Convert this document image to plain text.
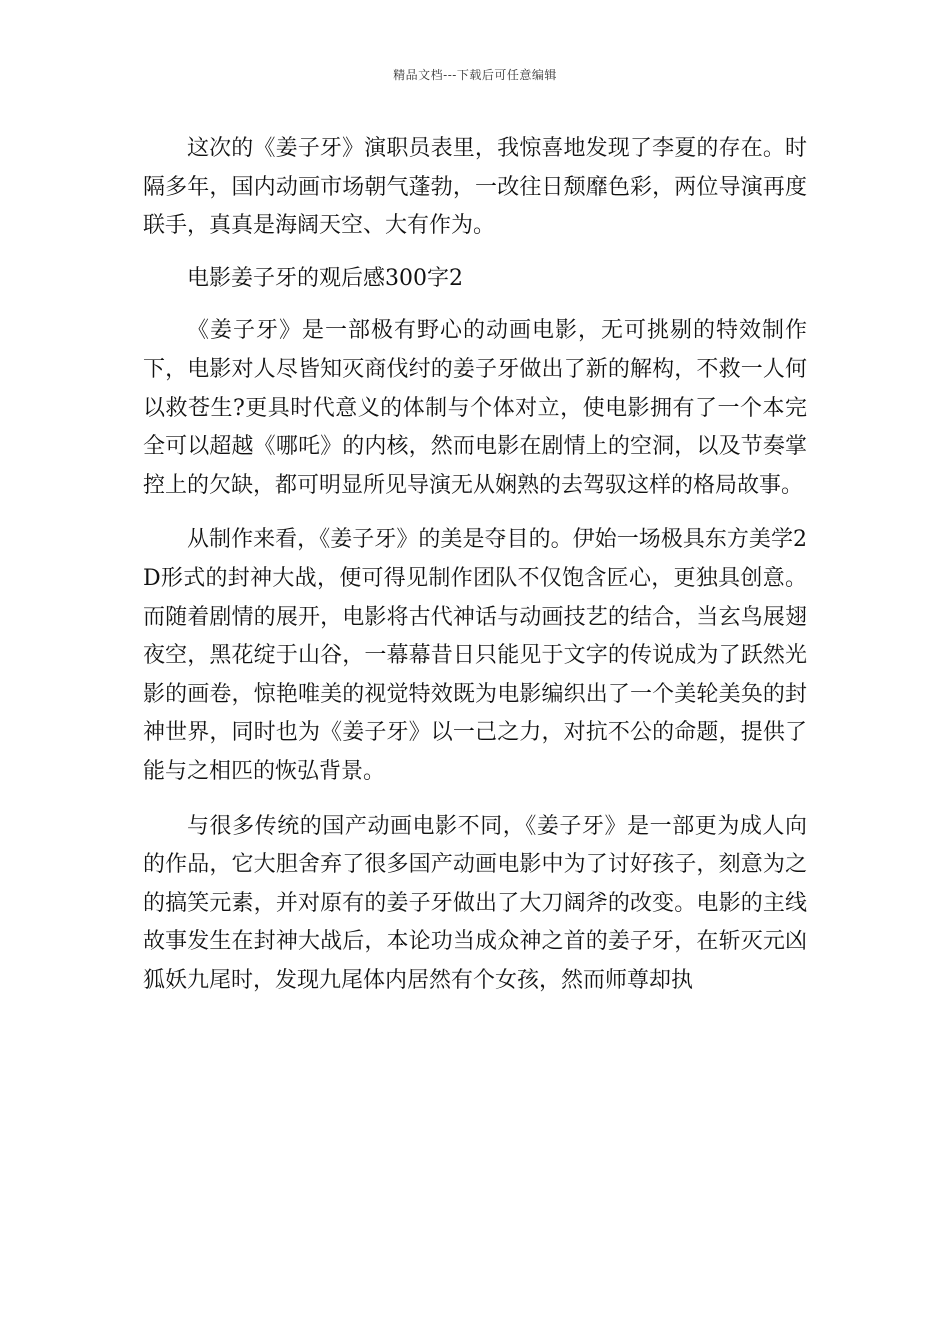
精品文档---下载后可任意编辑

这次的《姜子牙》演职员表里，我惊喜地发现了李夏的存在。时隔多年，国内动画市场朝气蓬勃，一改往日颓靡色彩，两位导演再度联手，真真是海阔天空、大有作为。

电影姜子牙的观后感300字2

《姜子牙》是一部极有野心的动画电影，无可挑剔的特效制作下，电影对人尽皆知灭商伐纣的姜子牙做出了新的解构，不救一人何以救苍生?更具时代意义的体制与个体对立，使电影拥有了一个本完全可以超越《哪吒》的内核，然而电影在剧情上的空洞，以及节奏掌控上的欠缺，都可明显所见导演无从娴熟的去驾驭这样的格局故事。

从制作来看，《姜子牙》的美是夺目的。伊始一场极具东方美学2D形式的封神大战，便可得见制作团队不仅饱含匠心，更独具创意。而随着剧情的展开，电影将古代神话与动画技艺的结合，当玄鸟展翅夜空，黑花绽于山谷，一幕幕昔日只能见于文字的传说成为了跃然光影的画卷，惊艳唯美的视觉特效既为电影编织出了一个美轮美奂的封神世界，同时也为《姜子牙》以一己之力，对抗不公的命题，提供了能与之相匹的恢弘背景。

与很多传统的国产动画电影不同，《姜子牙》是一部更为成人向的作品，它大胆舍弃了很多国产动画电影中为了讨好孩子，刻意为之的搞笑元素，并对原有的姜子牙做出了大刀阔斧的改变。电影的主线故事发生在封神大战后，本论功当成众神之首的姜子牙，在斩灭元凶狐妖九尾时，发现九尾体内居然有个女孩，然而师尊却执
